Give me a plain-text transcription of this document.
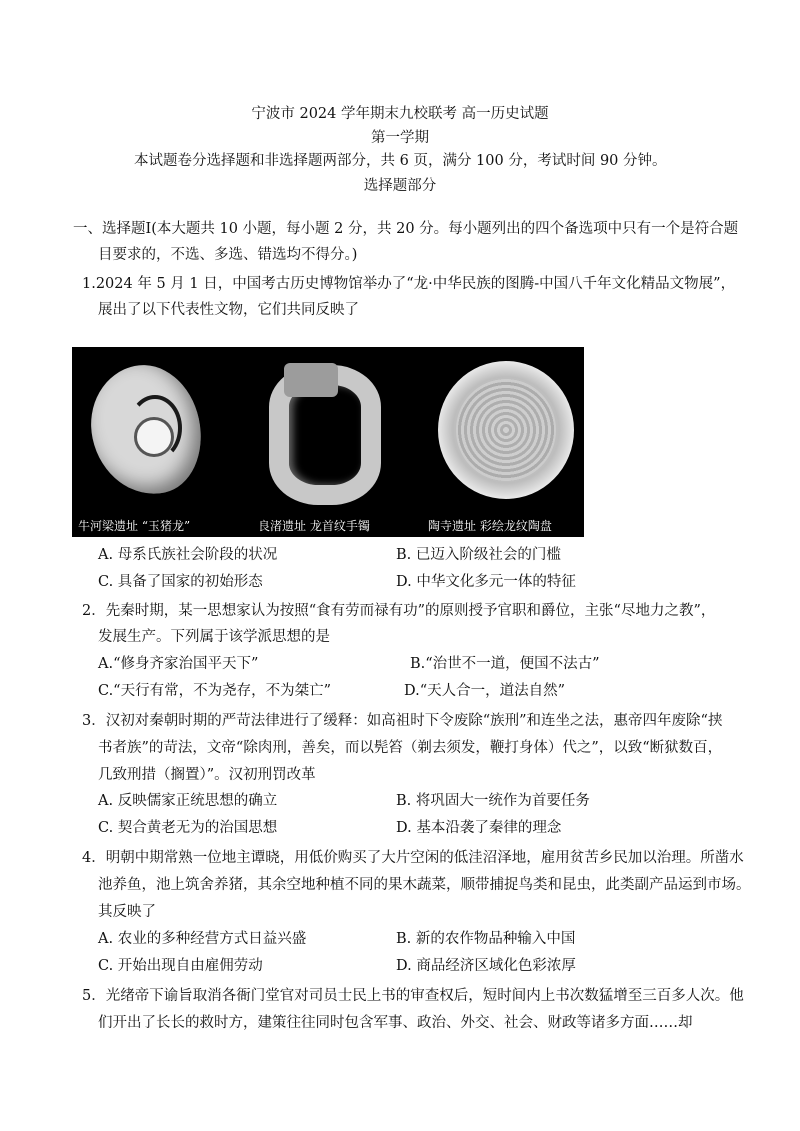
宁波市 2024 学年期末九校联考 高一历史试题
第一学期
本试题卷分选择题和非选择题两部分，共 6 页，满分 100 分，考试时间 90 分钟。
选择题部分
一、选择题Ⅰ(本大题共 10 小题，每小题 2 分，共 20 分。每小题列出的四个备选项中只有一个是符合题
目要求的，不选、多选、错选均不得分。)
1.2024 年 5 月 1 日，中国考古历史博物馆举办了“龙·中华民族的图腾-中国八千年文化精品文物展”，
展出了以下代表性文物，它们共同反映了
牛河梁遗址 “玉猪龙”	良渚遗址 龙首纹手镯	陶寺遗址 彩绘龙纹陶盘
A. 母系氏族社会阶段的状况	B. 已迈入阶级社会的门槛
C. 具备了国家的初始形态	D. 中华文化多元一体的特征
2．先秦时期，某一思想家认为按照“食有劳而禄有功”的原则授予官职和爵位，主张“尽地力之教”，
发展生产。下列属于该学派思想的是
A.“修身齐家治国平天下”	B.“治世不一道，便国不法古”
C.“天行有常，不为尧存，不为桀亡”	D.“天人合一，道法自然”
3．汉初对秦朝时期的严苛法律进行了缓释：如高祖时下令废除“族刑”和连坐之法，惠帝四年废除“挟
书者族”的苛法，文帝“除肉刑，善矣，而以髡笞（剃去须发，鞭打身体）代之”，以致“断狱数百，
几致刑措（搁置）”。汉初刑罚改革
A. 反映儒家正统思想的确立	B. 将巩固大一统作为首要任务
C. 契合黄老无为的治国思想	D. 基本沿袭了秦律的理念
4．明朝中期常熟一位地主谭晓，用低价购买了大片空闲的低洼沼泽地，雇用贫苦乡民加以治理。所凿水
池养鱼，池上筑舍养猪，其余空地种植不同的果木蔬菜，顺带捕捉鸟类和昆虫，此类副产品运到市场。
其反映了
A. 农业的多种经营方式日益兴盛	B. 新的农作物品种输入中国
C. 开始出现自由雇佣劳动	D. 商品经济区域化色彩浓厚
5．光绪帝下谕旨取消各衙门堂官对司员士民上书的审查权后，短时间内上书次数猛增至三百多人次。他
们开出了长长的救时方，建策往往同时包含军事、政治、外交、社会、财政等诸多方面……却
